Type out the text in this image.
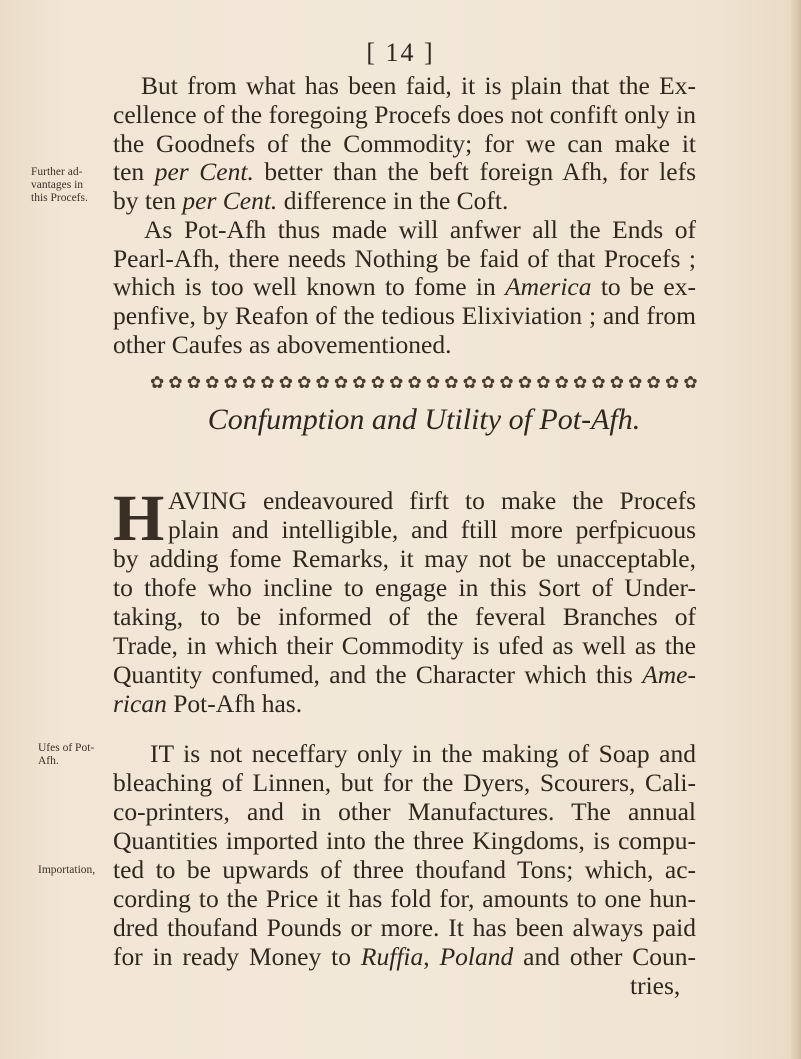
[ 14 ]
But from what has been faid, it is plain that the Ex-
cellence of the foregoing Procefs does not confift only in
the Goodnefs of the Commodity; for we can make it
ten per Cent. better than the beft foreign Afh, for lefs
by ten per Cent. difference in the Coft.
Further ad-
vantages in
this Procefs.
As Pot-Afh thus made will anfwer all the Ends of
Pearl-Afh, there needs Nothing be faid of that Procefs ;
which is too well known to fome in America to be ex-
penfive, by Reafon of the tedious Elixiviation ; and from
other Caufes as abovementioned.
✿ ✿ ✿ ✿ ✿ ✿ ✿ ✿ ✿ ✿ ✿ ✿ ✿ ✿ ✿ ✿ ✿ ✿ ✿ ✿ ✿ ✿ ✿ ✿ ✿ ✿ ✿ ✿ ✿ ✿
Confumption and Utility of Pot-Afh.
H AVING endeavoured firft to make the Procefs
plain and intelligible, and ftill more perfpicuous
by adding fome Remarks, it may not be unacceptable,
to thofe who incline to engage in this Sort of Under-
taking, to be informed of the feveral Branches of
Trade, in which their Commodity is ufed as well as the
Quantity confumed, and the Character which this Ame-
rican Pot-Afh has.
Ufes of Pot-
Afh.	IT is not neceffary only in the making of Soap and
bleaching of Linnen, but for the Dyers, Scourers, Cali-
co-printers, and in other Manufactures. The annual
Quantities imported into the three Kingdoms, is compu-
ted to be upwards of three thoufand Tons; which, ac-
cording to the Price it has fold for, amounts to one hun-
dred thoufand Pounds or more. It has been always paid
for in ready Money to Ruffia, Poland and other Coun-
tries,
Importation,
